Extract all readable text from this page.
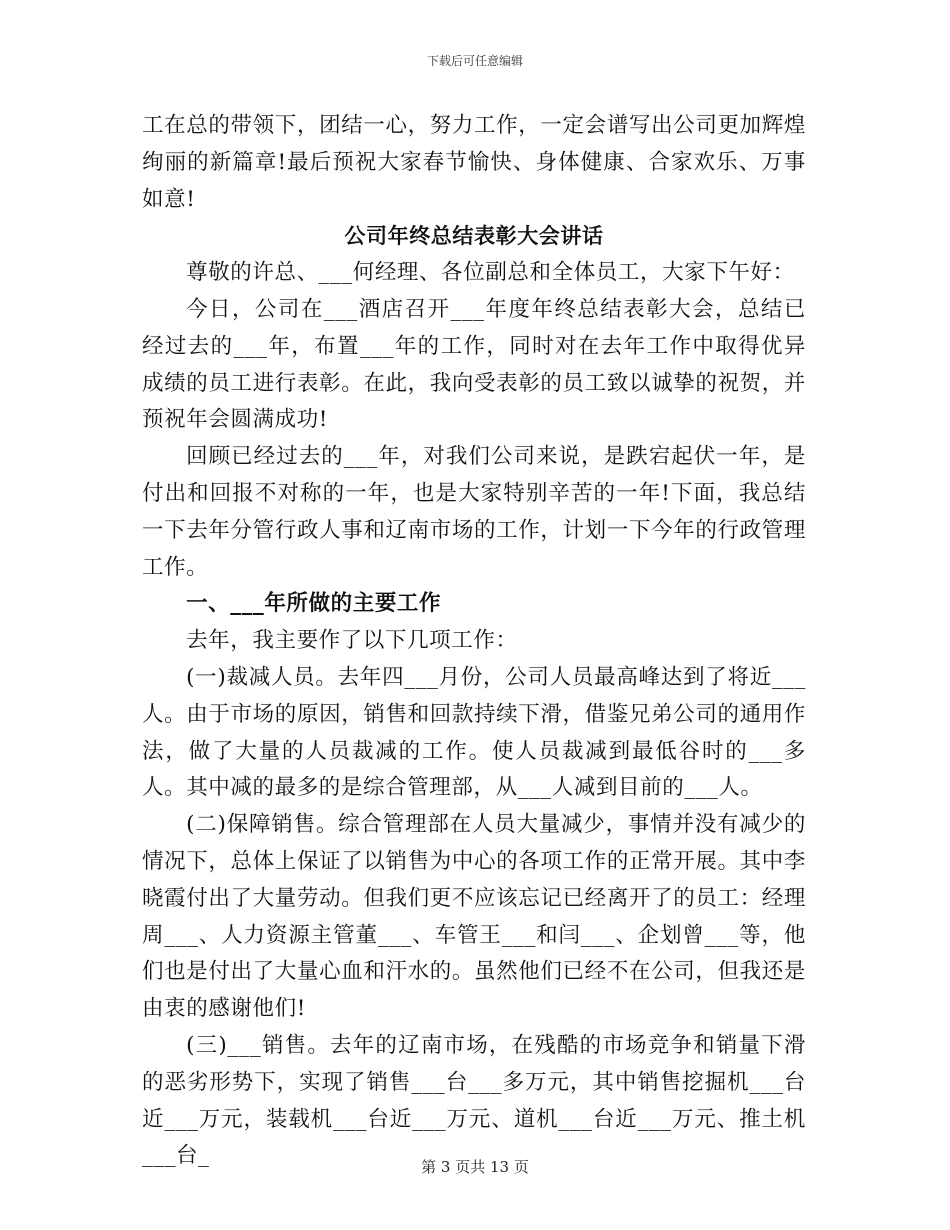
下载后可任意编辑

工在总的带领下，团结一心，努力工作，一定会谱写出公司更加辉煌绚丽的新篇章!最后预祝大家春节愉快、身体健康、合家欢乐、万事如意!

公司年终总结表彰大会讲话

尊敬的许总、___何经理、各位副总和全体员工，大家下午好：

今日，公司在___酒店召开___年度年终总结表彰大会，总结已经过去的___年，布置___年的工作，同时对在去年工作中取得优异成绩的员工进行表彰。在此，我向受表彰的员工致以诚挚的祝贺，并预祝年会圆满成功!

回顾已经过去的___年，对我们公司来说，是跌宕起伏一年，是付出和回报不对称的一年，也是大家特别辛苦的一年!下面，我总结一下去年分管行政人事和辽南市场的工作，计划一下今年的行政管理工作。

一、___年所做的主要工作

去年，我主要作了以下几项工作：

(一)裁减人员。去年四___月份，公司人员最高峰达到了将近___人。由于市场的原因，销售和回款持续下滑，借鉴兄弟公司的通用作法，做了大量的人员裁减的工作。使人员裁减到最低谷时的___多人。其中减的最多的是综合管理部，从___人减到目前的___人。

(二)保障销售。综合管理部在人员大量减少，事情并没有减少的情况下，总体上保证了以销售为中心的各项工作的正常开展。其中李晓霞付出了大量劳动。但我们更不应该忘记已经离开了的员工：经理周___、人力资源主管董___、车管王___和闫___、企划曾___等，他们也是付出了大量心血和汗水的。虽然他们已经不在公司，但我还是由衷的感谢他们!

(三)___销售。去年的辽南市场，在残酷的市场竞争和销量下滑的恶劣形势下，实现了销售___台___多万元，其中销售挖掘机___台近___万元，装载机___台近___万元、道机___台近___万元、推土机___台_	第 3 页共 13 页
